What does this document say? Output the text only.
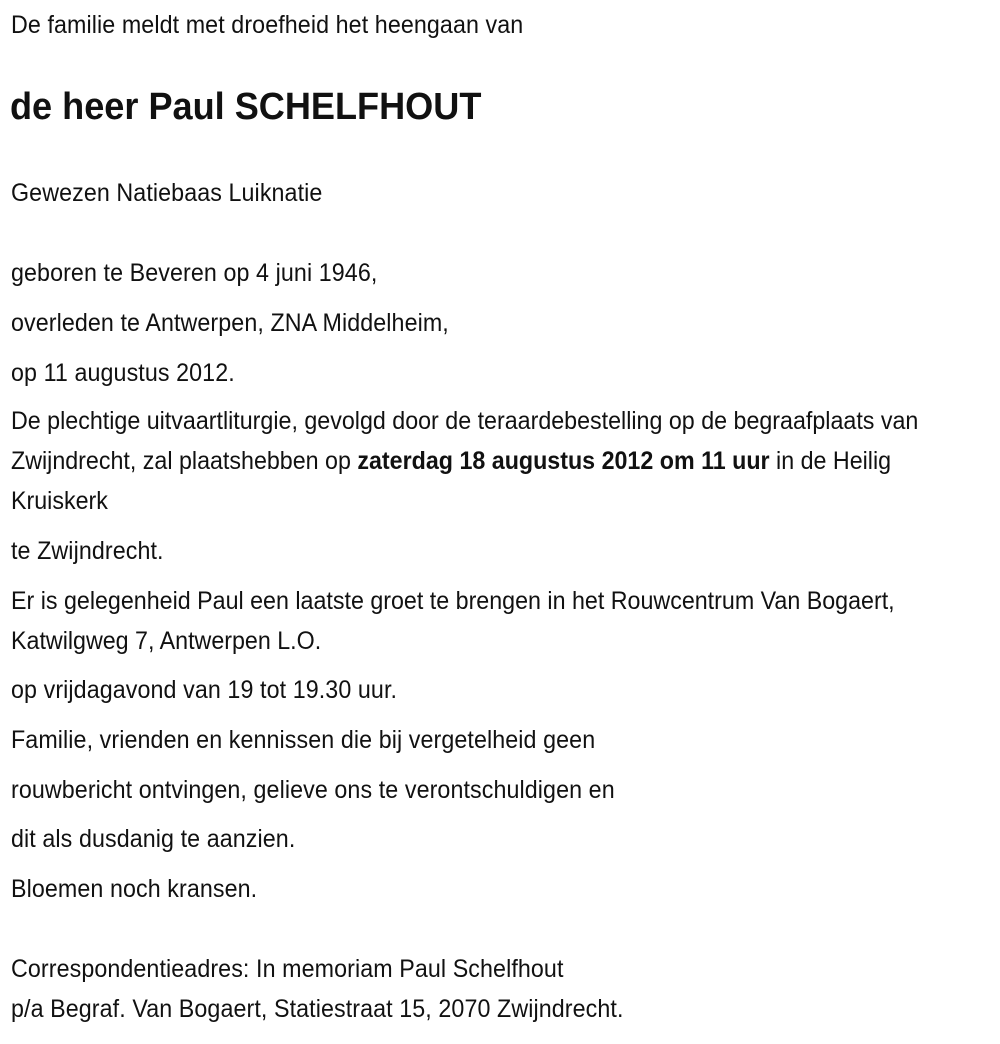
De familie meldt met droefheid het heengaan van
de heer Paul SCHELFHOUT
Gewezen Natiebaas Luiknatie
geboren te Beveren op 4 juni 1946,
overleden te Antwerpen, ZNA Middelheim,
op 11 augustus 2012.
De plechtige uitvaartliturgie, gevolgd door de teraardebestelling op de begraafplaats van Zwijndrecht, zal plaatshebben op zaterdag 18 augustus 2012 om 11 uur in de Heilig Kruiskerk
te Zwijndrecht.
Er is gelegenheid Paul een laatste groet te brengen in het Rouwcentrum Van Bogaert, Katwilgweg 7, Antwerpen L.O.
op vrijdagavond van 19 tot 19.30 uur.
Familie, vrienden en kennissen die bij vergetelheid geen
rouwbericht ontvingen, gelieve ons te verontschuldigen en
dit als dusdanig te aanzien.
Bloemen noch kransen.
Correspondentieadres: In memoriam Paul Schelfhout
p/a Begraf. Van Bogaert, Statiestraat 15, 2070 Zwijndrecht.
